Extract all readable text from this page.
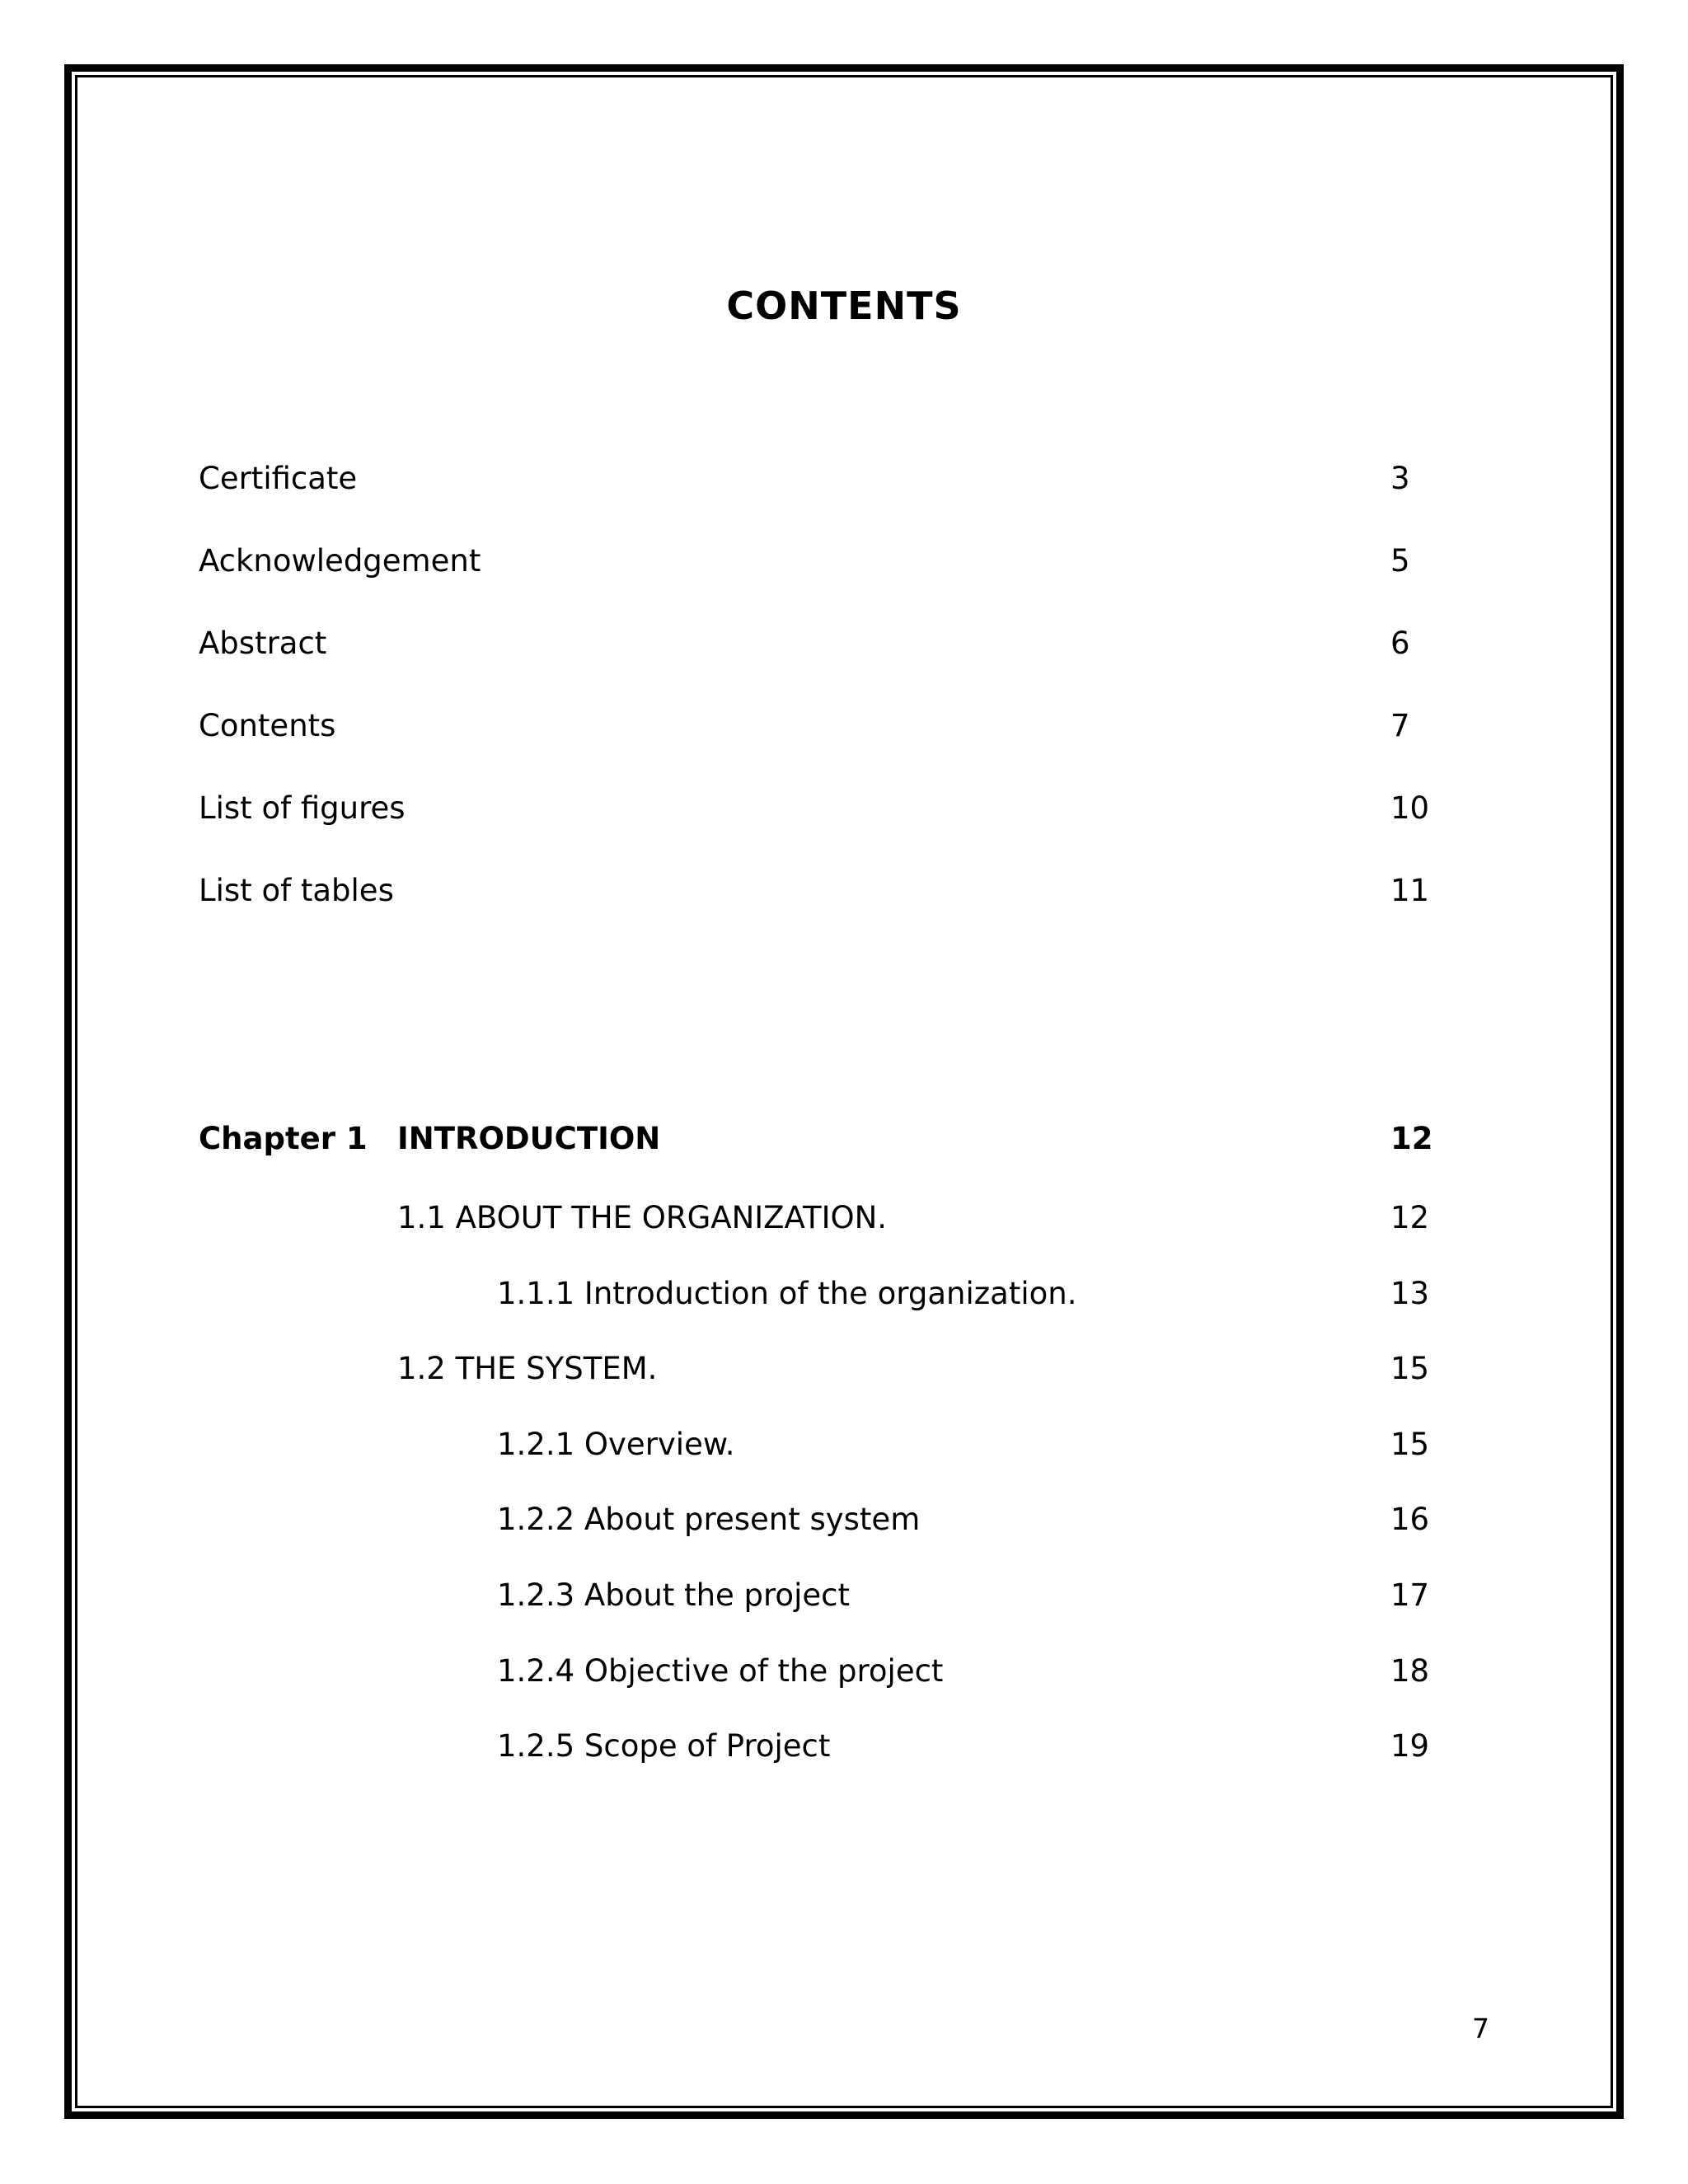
CONTENTS
Certificate	3
Acknowledgement	5
Abstract	6
Contents	7
List of figures	10
List of tables	11
Chapter 1 INTRODUCTION	12
1.1 ABOUT THE ORGANIZATION.	12
1.1.1 Introduction of the organization.	13
1.2 THE SYSTEM.	15
1.2.1 Overview.	15
1.2.2 About present system	16
1.2.3 About the project	17
1.2.4 Objective of the project	18
1.2.5 Scope of Project	19
7
